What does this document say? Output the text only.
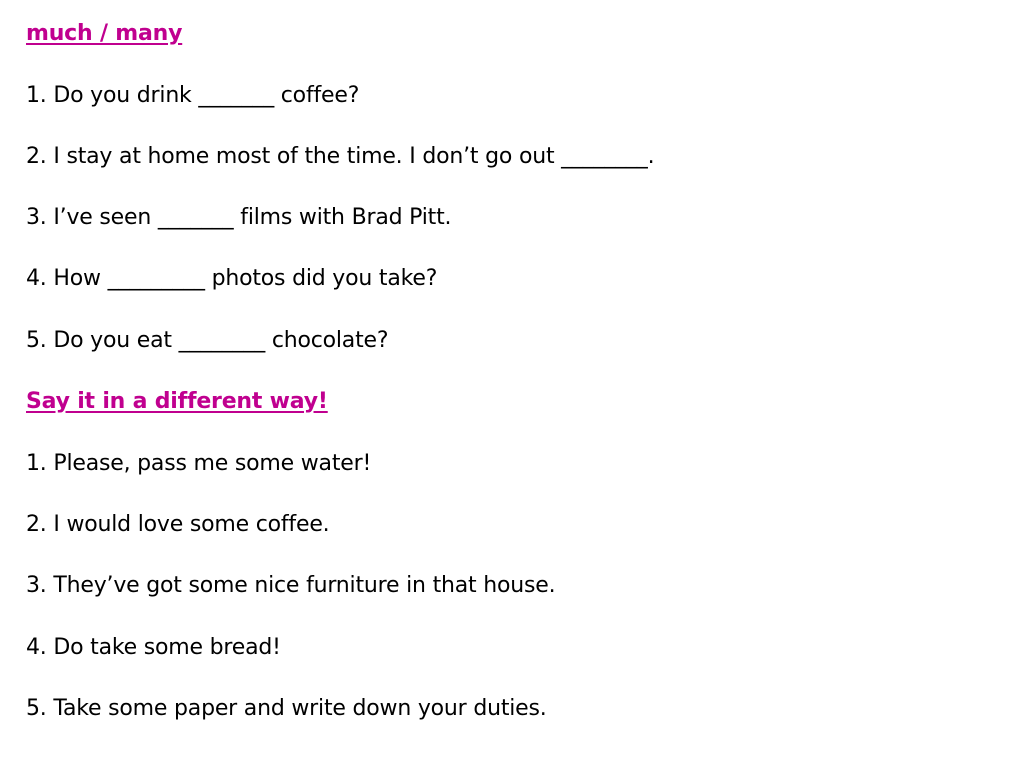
much / many
1. Do you drink _______ coffee?
2. I stay at home most of the time. I don’t go out ________.
3. I’ve seen _______ films with Brad Pitt.
4. How _________ photos did you take?
5. Do you eat ________ chocolate?
Say it in a different way!
1. Please, pass me some water!
2. I would love some coffee.
3. They’ve got some nice furniture in that house.
4. Do take some bread!
5. Take some paper and write down your duties.
